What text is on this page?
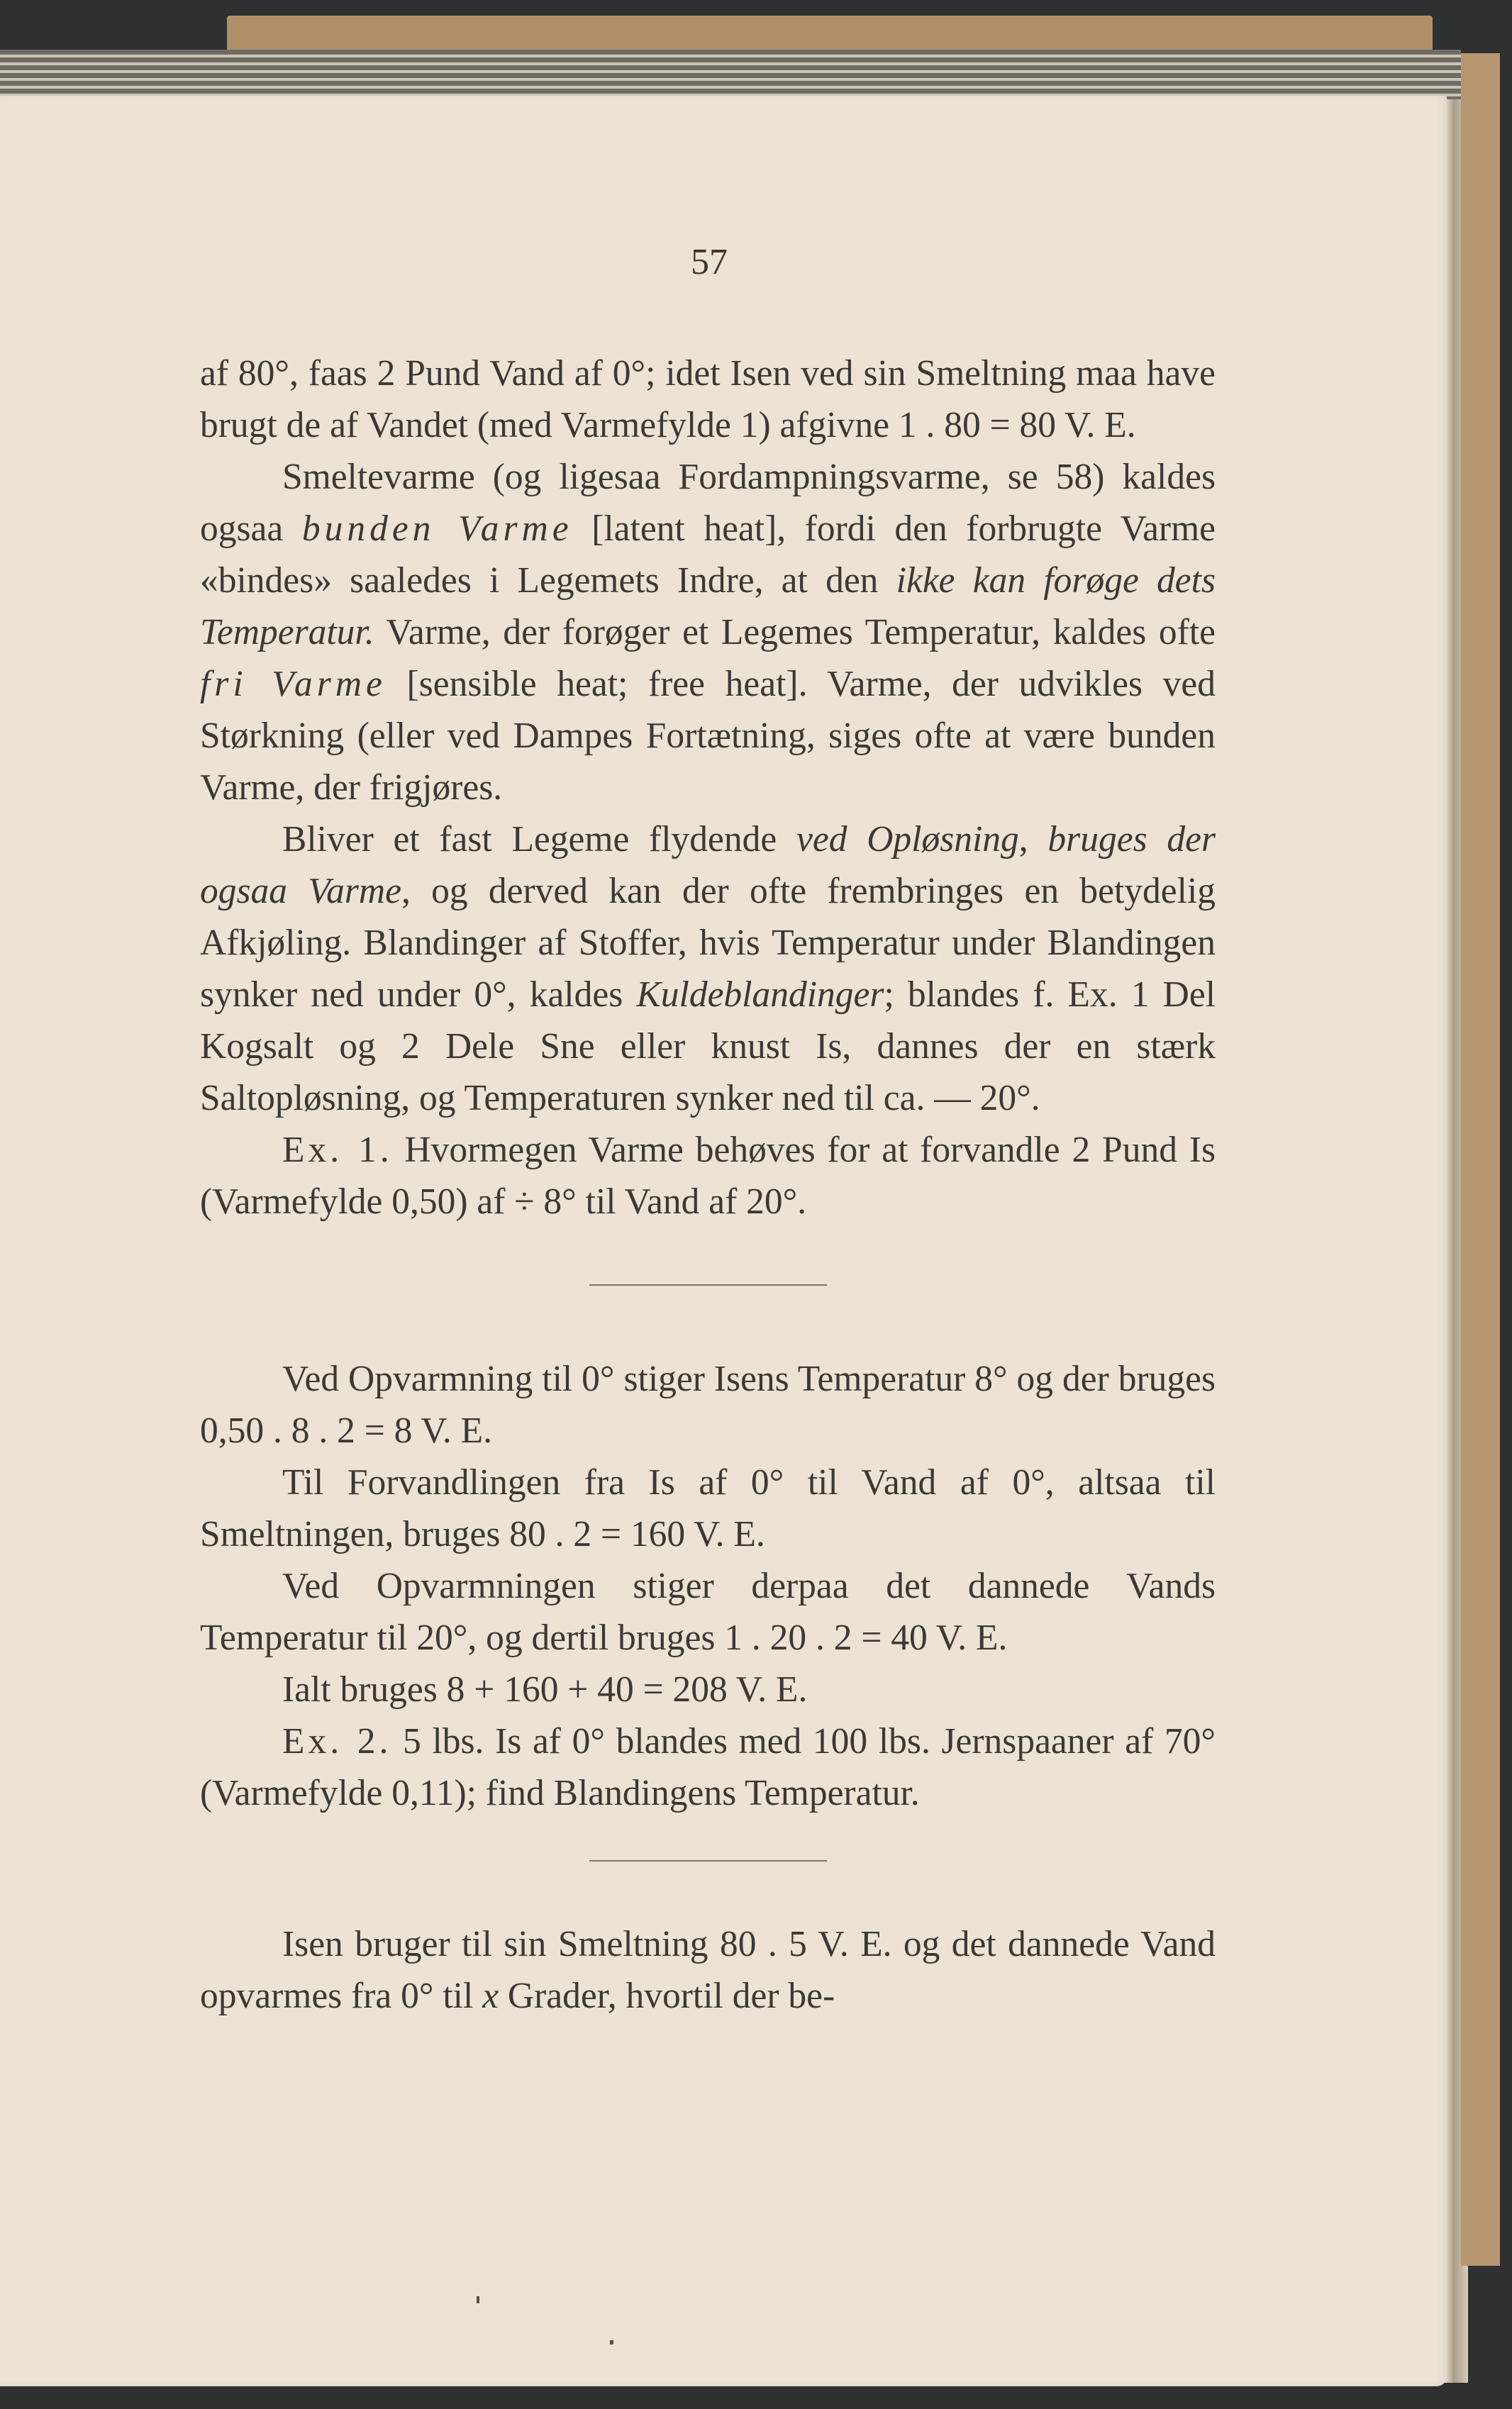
57

af 80°, faas 2 Pund Vand af 0°; idet Isen ved sin Smeltning maa have brugt de af Vandet (med Varmefylde 1) afgivne 1 . 80 = 80 V. E.

Smeltevarme (og ligesaa Fordampningsvarme, se 58) kaldes ogsaa bunden Varme [latent heat], fordi den forbrugte Varme «bindes» saaledes i Legemets Indre, at den ikke kan forøge dets Temperatur. Varme, der forøger et Legemes Temperatur, kaldes ofte fri Varme [sensible heat; free heat]. Varme, der udvikles ved Størkning (eller ved Dampes Fortætning, siges ofte at være bunden Varme, der frigjøres.

Bliver et fast Legeme flydende ved Opløsning, bruges der ogsaa Varme, og derved kan der ofte frembringes en betydelig Afkjøling. Blandinger af Stoffer, hvis Temperatur under Blandingen synker ned under 0°, kaldes Kuldeblandinger; blandes f. Ex. 1 Del Kogsalt og 2 Dele Sne eller knust Is, dannes der en stærk Saltopløsning, og Temperaturen synker ned til ca. — 20°.

Ex. 1. Hvormegen Varme behøves for at forvandle 2 Pund Is (Varmefylde 0,50) af ÷ 8° til Vand af 20°.

Ved Opvarmning til 0° stiger Isens Temperatur 8° og der bruges 0,50 . 8 . 2 = 8 V. E.

Til Forvandlingen fra Is af 0° til Vand af 0°, altsaa til Smeltningen, bruges 80 . 2 = 160 V. E.

Ved Opvarmningen stiger derpaa det dannede Vands Temperatur til 20°, og dertil bruges 1 . 20 . 2 = 40 V. E.

Ialt bruges 8 + 160 + 40 = 208 V. E.

Ex. 2. 5 lbs. Is af 0° blandes med 100 lbs. Jernspaaner af 70° (Varmefylde 0,11); find Blandingens Temperatur.

Isen bruger til sin Smeltning 80 . 5 V. E. og det dannede Vand opvarmes fra 0° til x Grader, hvortil der be-
